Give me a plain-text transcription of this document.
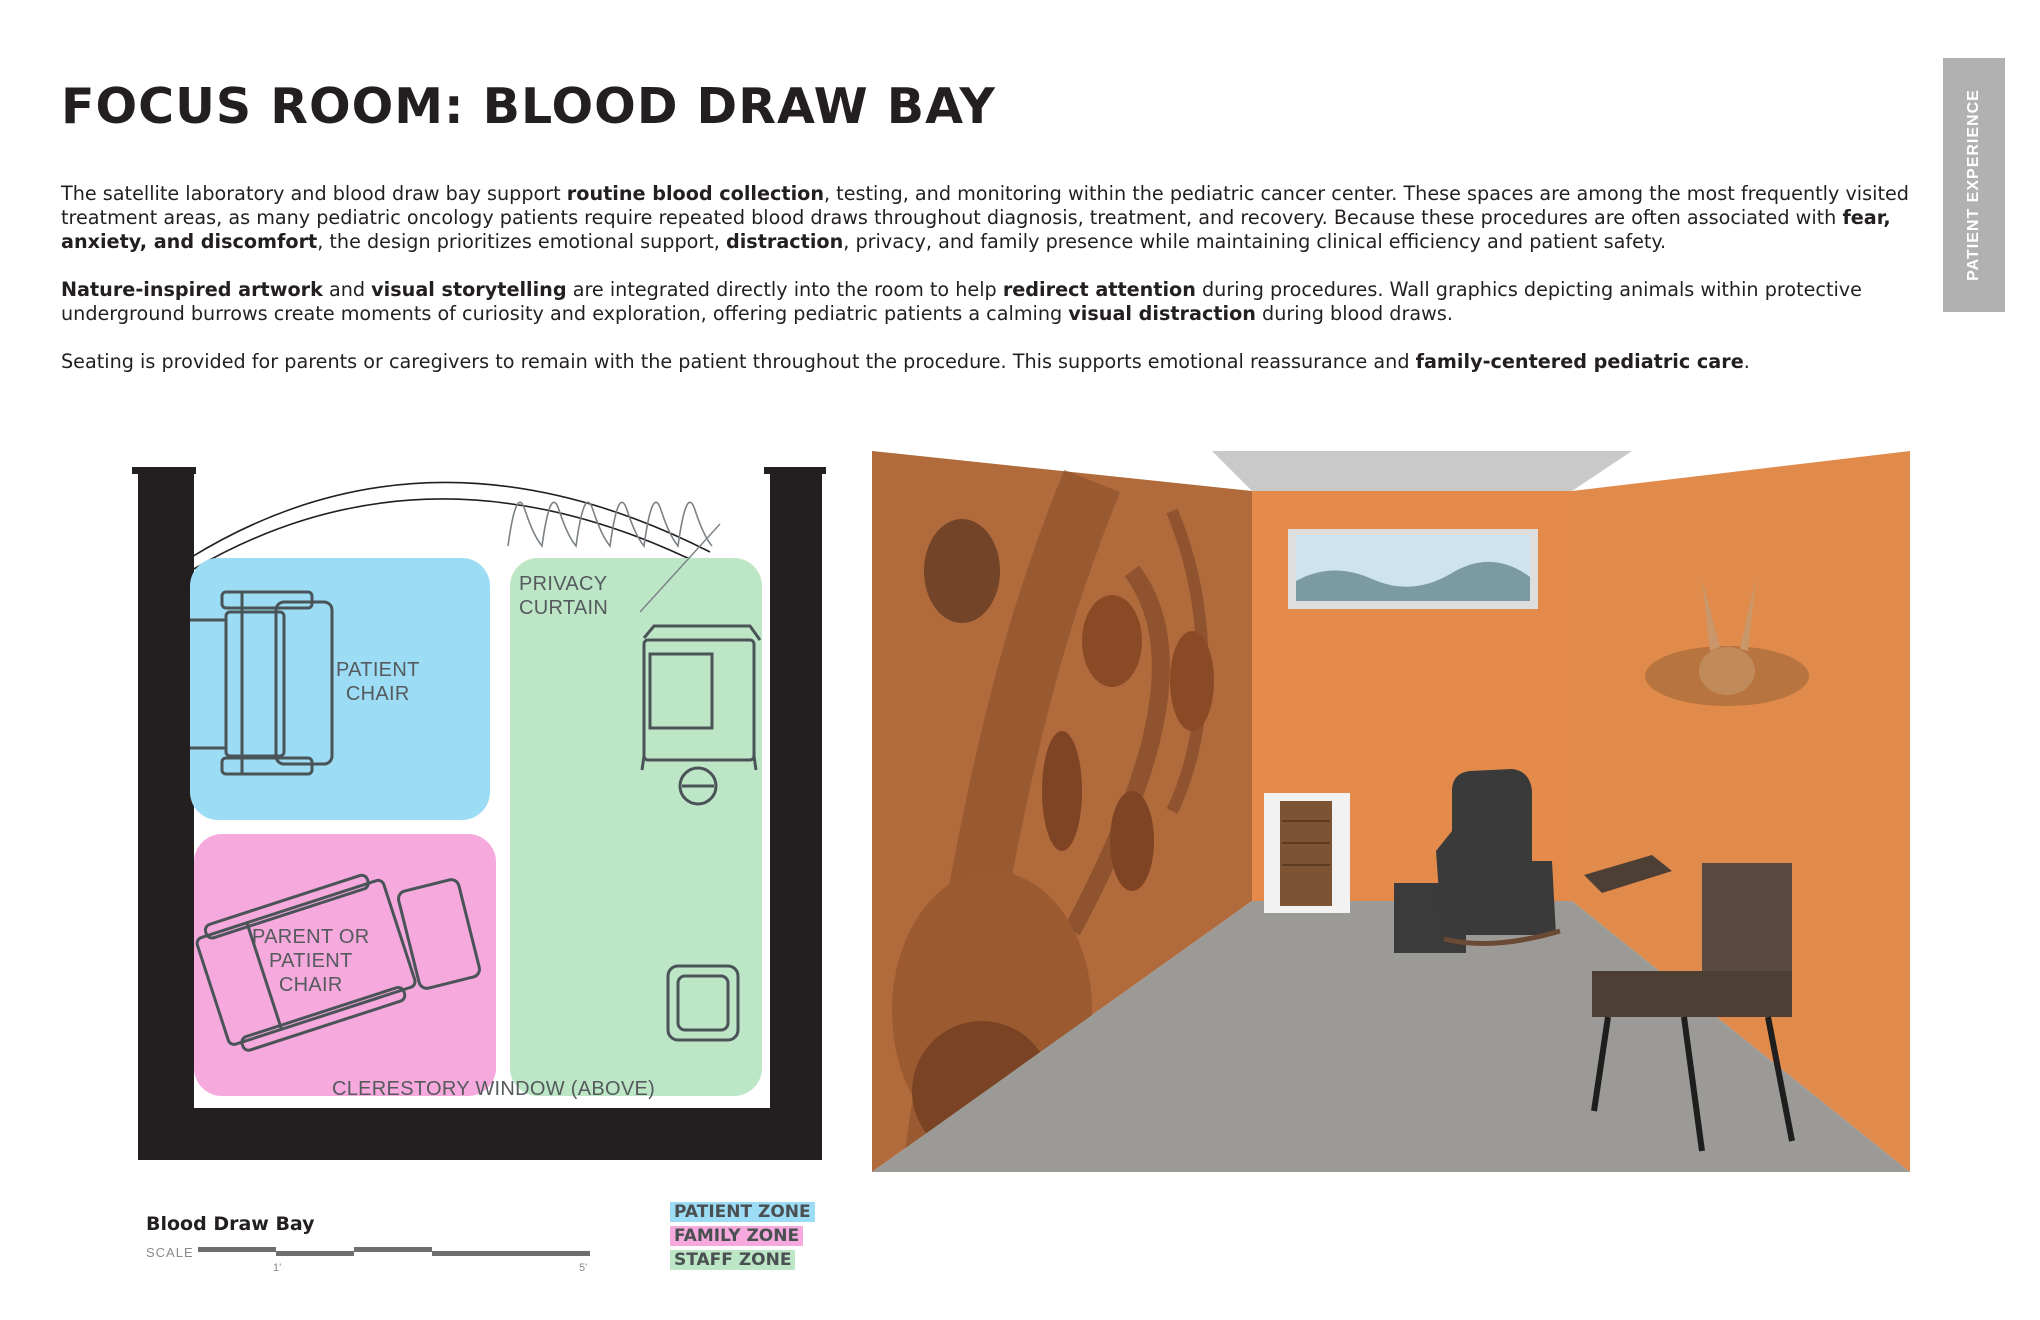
FOCUS ROOM: BLOOD DRAW BAY	PATIENT EXPERIENCE

The satellite laboratory and blood draw bay support routine blood collection, testing, and monitoring within the pediatric cancer center. These spaces are among the most frequently visited treatment areas, as many pediatric oncology patients require repeated blood draws throughout diagnosis, treatment, and recovery. Because these procedures are often associated with fear, anxiety, and discomfort, the design prioritizes emotional support, distraction, privacy, and family presence while maintaining clinical efficiency and patient safety.

Nature-inspired artwork and visual storytelling are integrated directly into the room to help redirect attention during procedures. Wall graphics depicting animals within protective underground burrows create moments of curiosity and exploration, offering pediatric patients a calming visual distraction during blood draws.

Seating is provided for parents or caregivers to remain with the patient throughout the procedure. This supports emotional reassurance and family-centered pediatric care.

PRIVACY
CURTAIN
PATIENT
CHAIR
PARENT OR
PATIENT
CHAIR
CLERESTORY WINDOW (ABOVE)
Blood Draw Bay
SCALE
1'	5'
PATIENT ZONE
FAMILY ZONE
STAFF ZONE
